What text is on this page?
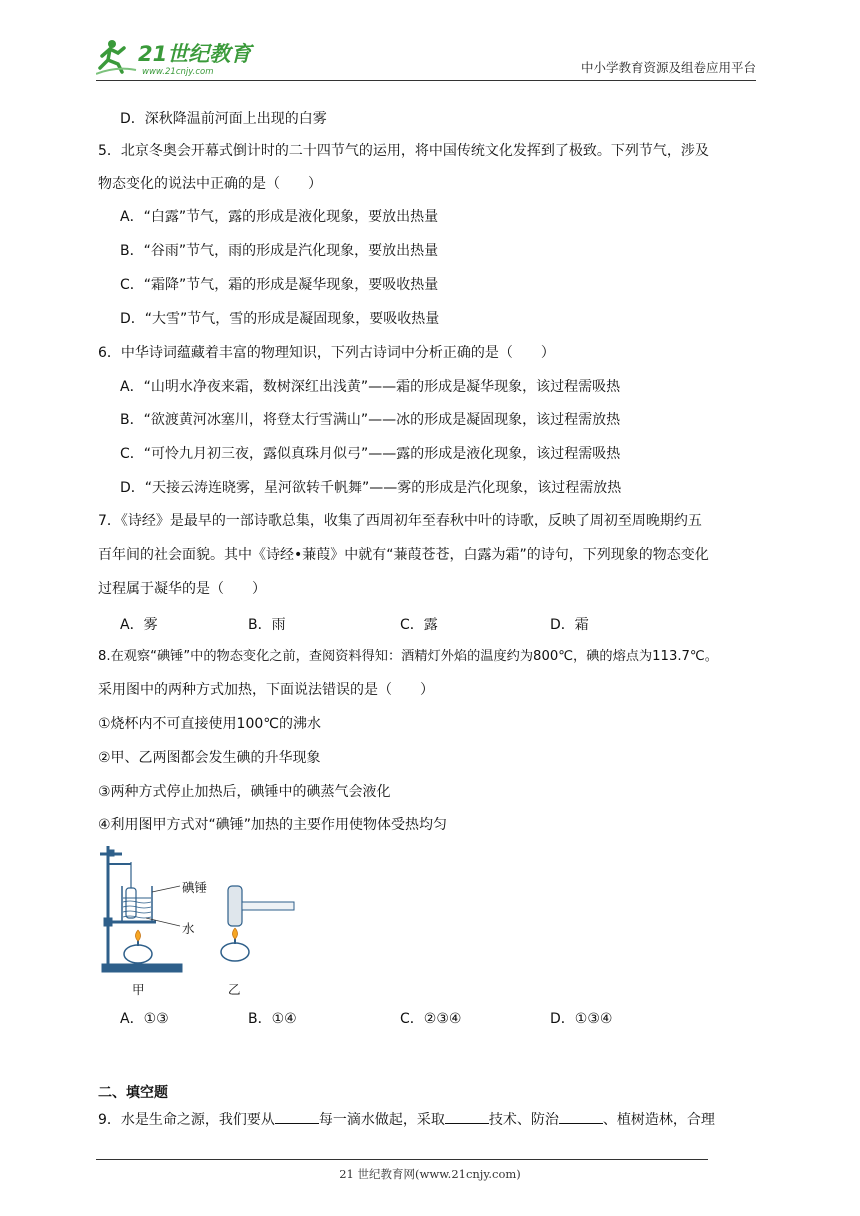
21世纪教育
www.21cnjy.com	中小学教育资源及组卷应用平台
D．深秋降温前河面上出现的白雾
5．北京冬奥会开幕式倒计时的二十四节气的运用，将中国传统文化发挥到了极致。下列节气，涉及
物态变化的说法中正确的是（　　）
A．“白露”节气，露的形成是液化现象，要放出热量
B．“谷雨”节气，雨的形成是汽化现象，要放出热量
C．“霜降”节气，霜的形成是凝华现象，要吸收热量
D．“大雪”节气，雪的形成是凝固现象，要吸收热量
6．中华诗词蕴藏着丰富的物理知识，下列古诗词中分析正确的是（　　）
A．“山明水净夜来霜，数树深红出浅黄”——霜的形成是凝华现象，该过程需吸热
B．“欲渡黄河冰塞川，将登太行雪满山”——冰的形成是凝固现象，该过程需放热
C．“可怜九月初三夜，露似真珠月似弓”——露的形成是液化现象，该过程需吸热
D．“天接云涛连晓雾，星河欲转千帆舞”——雾的形成是汽化现象，该过程需放热
7．《诗经》是最早的一部诗歌总集，收集了西周初年至春秋中叶的诗歌，反映了周初至周晚期约五
百年间的社会面貌。其中《诗经•蒹葭》中就有“蒹葭苍苍，白露为霜”的诗句，下列现象的物态变化
过程属于凝华的是（　　）
A．雾	B．雨	C．露	D．霜
8.在观察“碘锤”中的物态变化之前，查阅资料得知：酒精灯外焰的温度约为800℃，碘的熔点为113.7℃。
采用图中的两种方式加热，下面说法错误的是（　　）
①烧杯内不可直接使用100℃的沸水
②甲、乙两图都会发生碘的升华现象
③两种方式停止加热后，碘锤中的碘蒸气会液化
④利用图甲方式对“碘锤”加热的主要作用使物体受热均匀
碘锤
水
甲	乙
A．①③	B．①④	C．②③④	D．①③④
二、填空题
9．水是生命之源，我们要从	每一滴水做起，采取	技术、防治	、植树造林，合理
21 世纪教育网(www.21cnjy.com)
